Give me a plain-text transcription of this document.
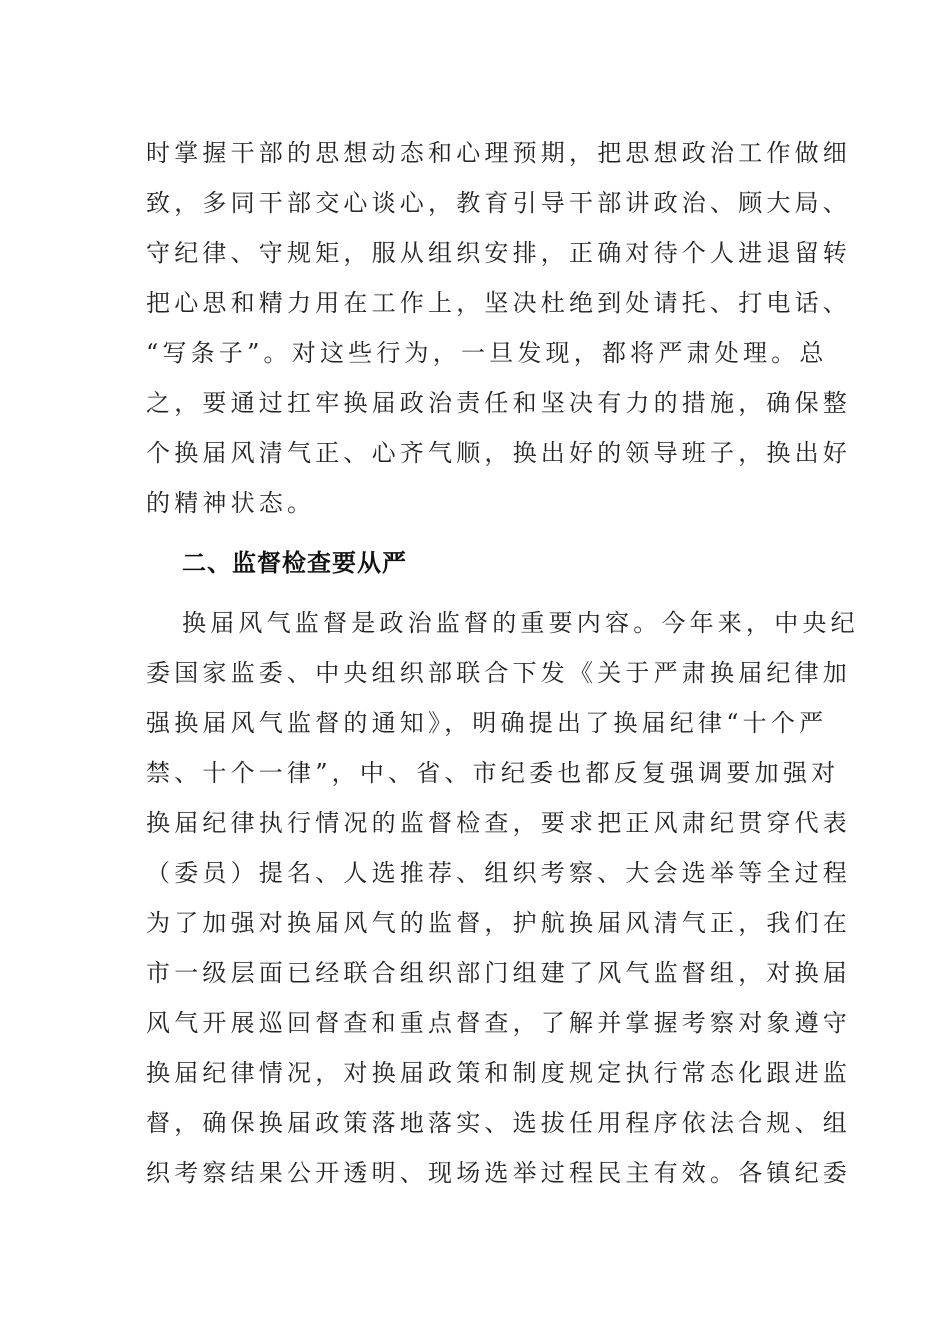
时掌握干部的思想动态和心理预期，把思想政治工作做细
致，多同干部交心谈心，教育引导干部讲政治、顾大局、
守纪律、守规矩，服从组织安排，正确对待个人进退留转
把心思和精力用在工作上，坚决杜绝到处请托、打电话、
“写条子”。对这些行为，一旦发现，都将严肃处理。总
之，要通过扛牢换届政治责任和坚决有力的措施，确保整
个换届风清气正、心齐气顺，换出好的领导班子，换出好
的精神状态。
二、监督检查要从严
换届风气监督是政治监督的重要内容。今年来，中央纪
委国家监委、中央组织部联合下发《关于严肃换届纪律加
强换届风气监督的通知》，明确提出了换届纪律“十个严
禁、十个一律”，中、省、市纪委也都反复强调要加强对
换届纪律执行情况的监督检查，要求把正风肃纪贯穿代表
（委员）提名、人选推荐、组织考察、大会选举等全过程
为了加强对换届风气的监督，护航换届风清气正，我们在
市一级层面已经联合组织部门组建了风气监督组，对换届
风气开展巡回督查和重点督查，了解并掌握考察对象遵守
换届纪律情况，对换届政策和制度规定执行常态化跟进监
督，确保换届政策落地落实、选拔任用程序依法合规、组
织考察结果公开透明、现场选举过程民主有效。各镇纪委
